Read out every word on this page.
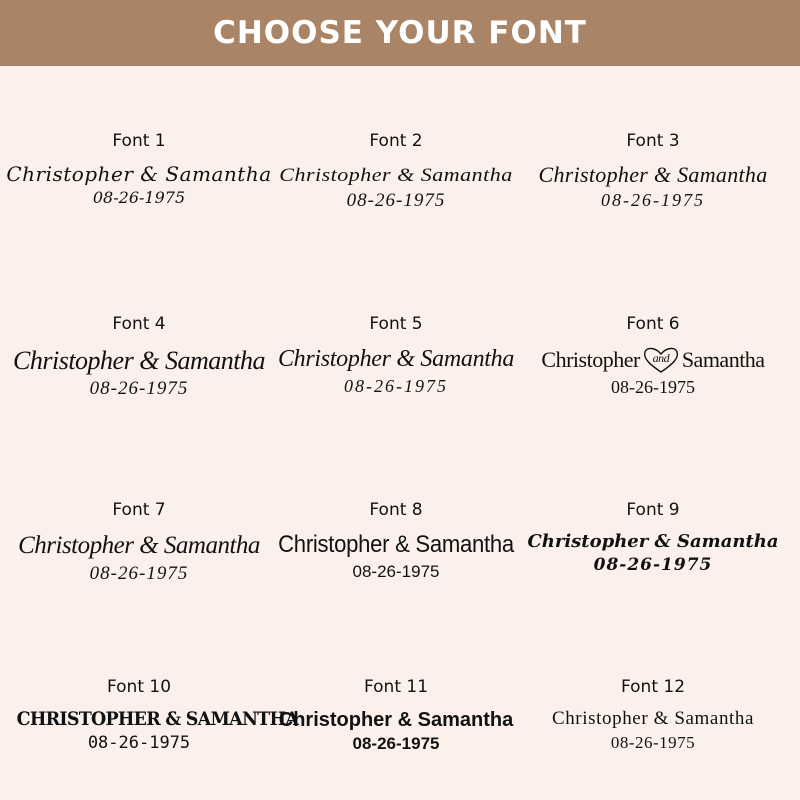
CHOOSE YOUR FONT
Font 1
Christopher & Samantha
08-26-1975
Font 2
Christopher & Samantha
08-26-1975
Font 3
Christopher & Samantha
08-26-1975
Font 4
Christopher & Samantha
08-26-1975
Font 5
Christopher & Samantha
08-26-1975
Font 6
Christopher	and Samantha
08-26-1975
Font 7
Christopher & Samantha
08-26-1975
Font 8
Christopher & Samantha
08-26-1975
Font 9
Christopher & Samantha
08-26-1975
Font 10
CHRISTOPHER & SAMANTHA
08-26-1975
Font 11
Christopher & Samantha
08-26-1975
Font 12
Christopher & Samantha
08-26-1975
